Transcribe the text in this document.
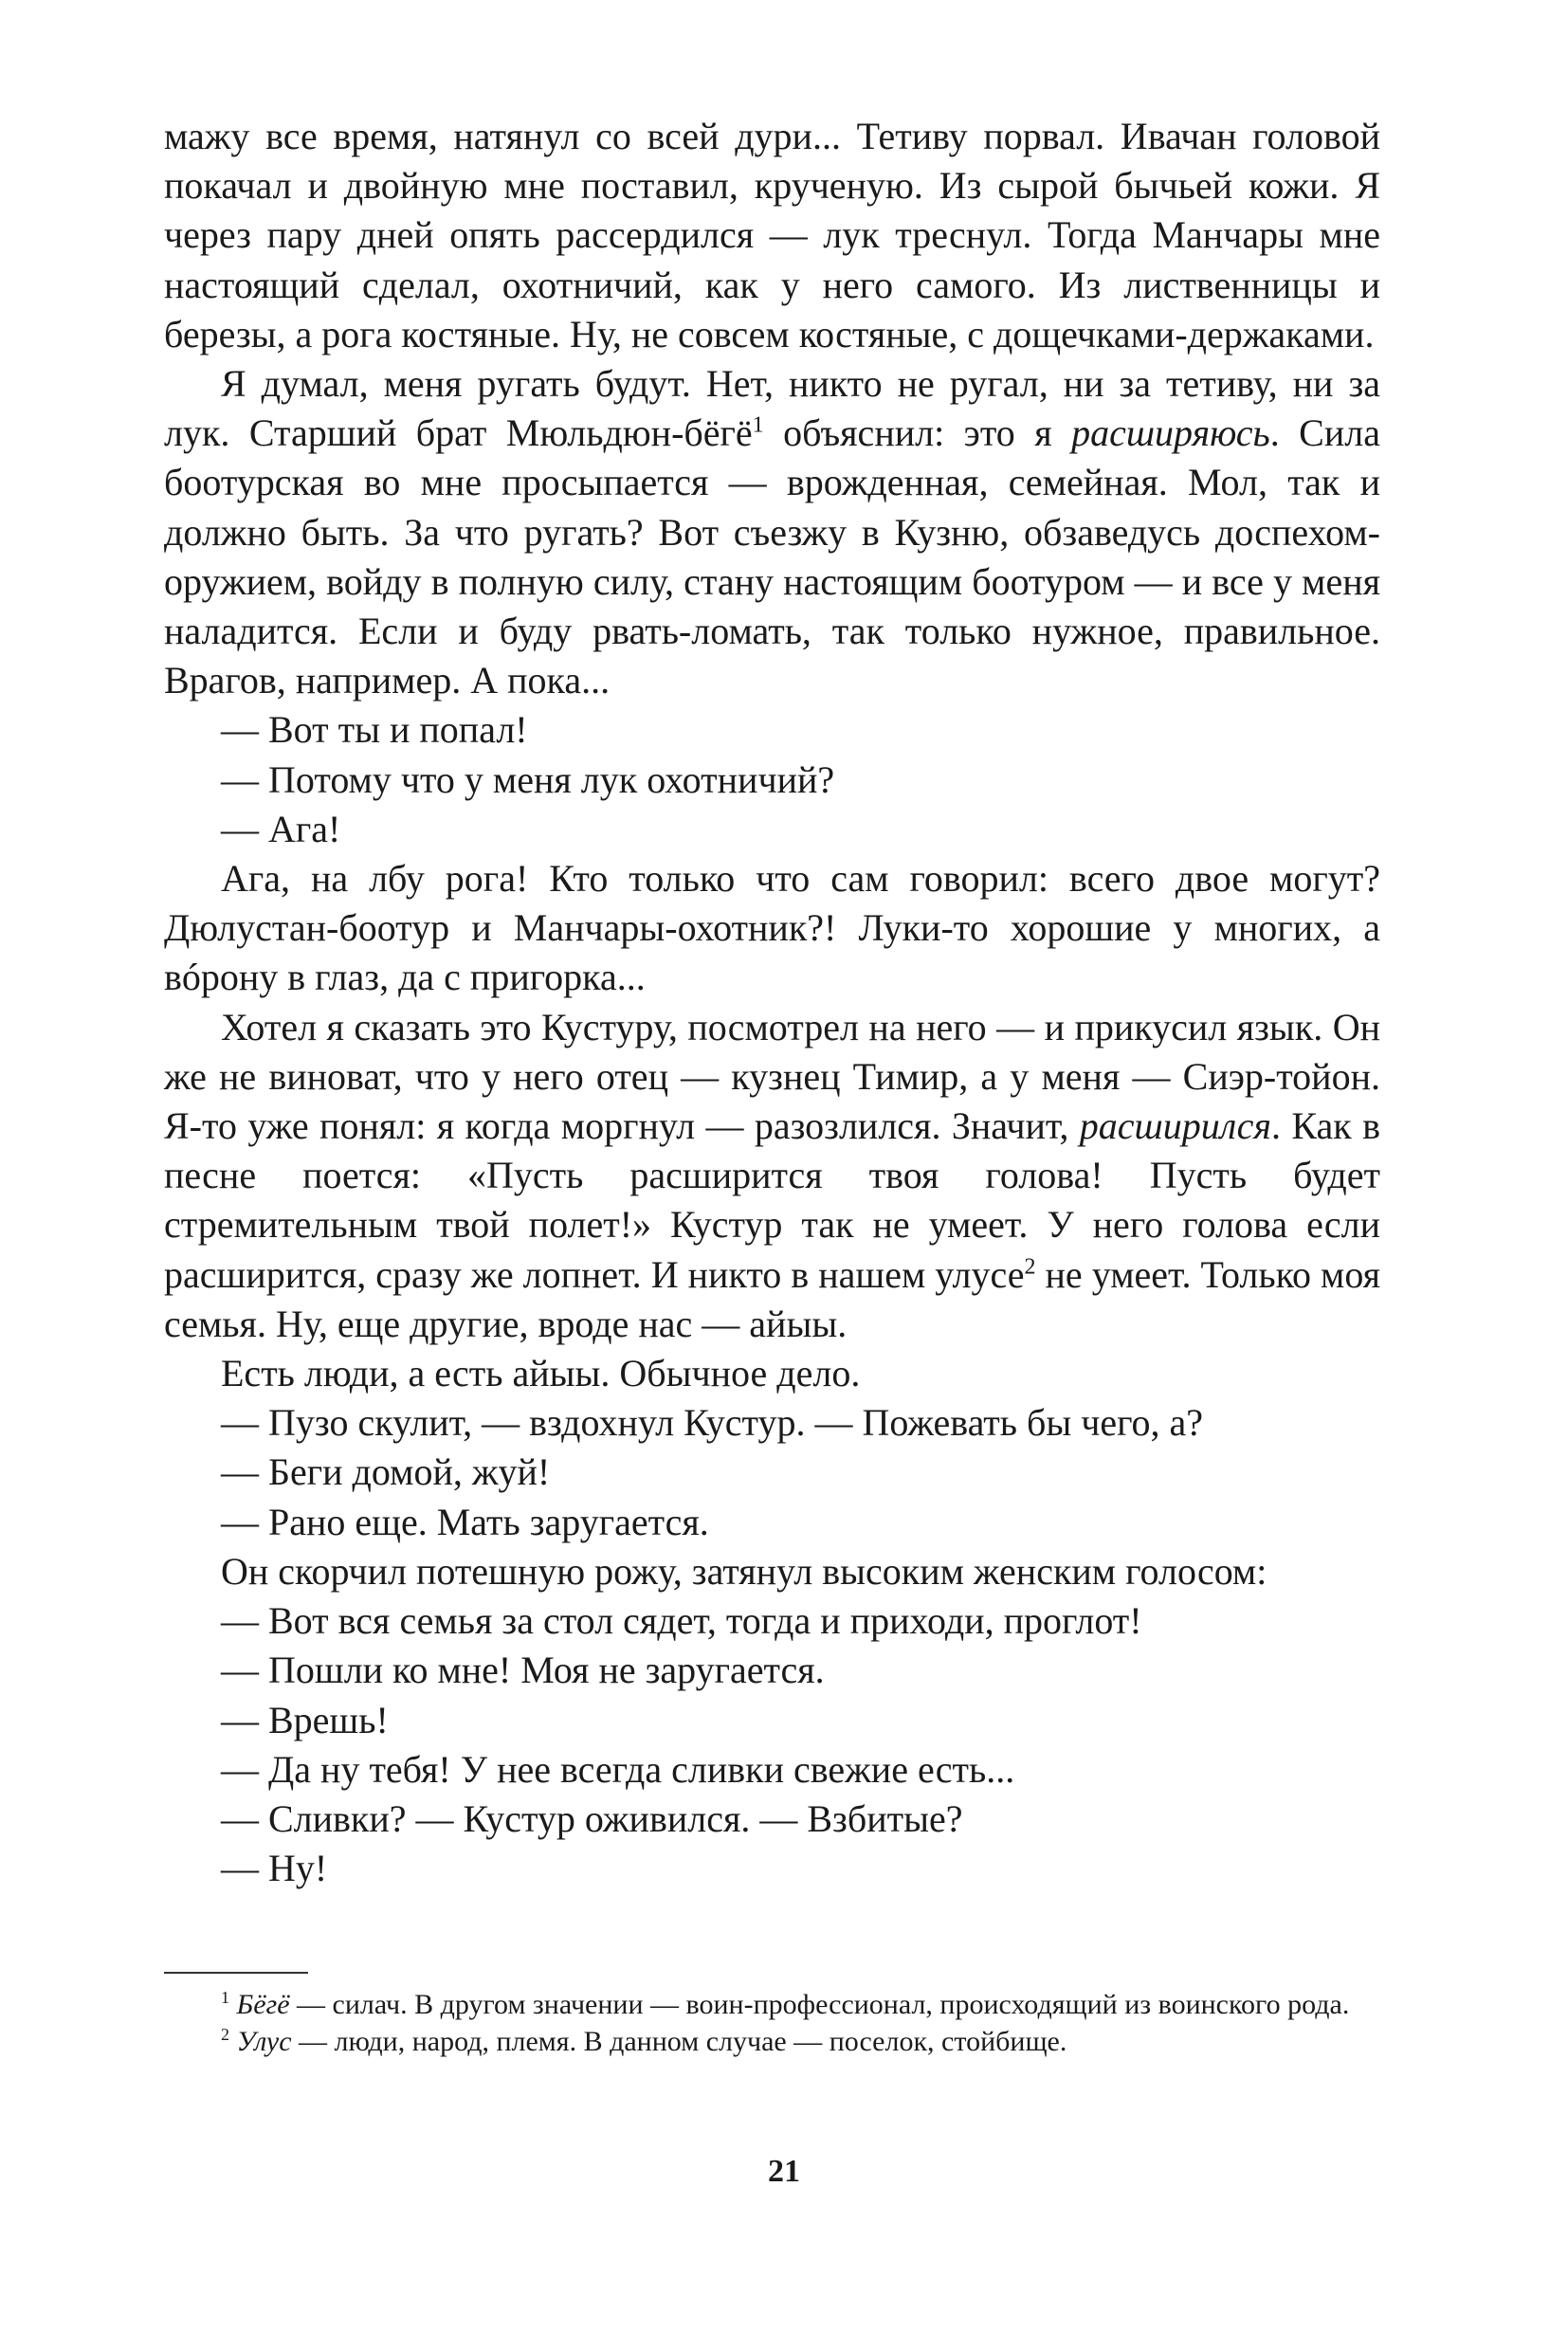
мажу все время, натянул со всей дури... Тетиву порвал. Ивачан головой покачал и двойную мне поставил, крученую. Из сырой бычьей кожи. Я через пару дней опять рассердился — лук треснул. Тогда Манчары мне настоящий сделал, охотничий, как у него самого. Из лиственницы и березы, а рога костяные. Ну, не совсем костяные, с дощечками-держаками.

Я думал, меня ругать будут. Нет, никто не ругал, ни за тетиву, ни за лук. Старший брат Мюльдюн-бёгё$^1$ объяснил: это я расширяюсь. Сила боотурская во мне просыпается — врожденная, семейная. Мол, так и должно быть. За что ругать? Вот съезжу в Кузню, обзаведусь доспехом-оружием, войду в полную силу, стану настоящим боотуром — и все у меня наладится. Если и буду рвать-ломать, так только нужное, правильное. Врагов, например. А пока...

— Вот ты и попал!

— Потому что у меня лук охотничий?

— Ага!

Ага, на лбу рога! Кто только что сам говорил: всего двое могут? Дюлустан-боотур и Манчары-охотник?! Луки-то хорошие у многих, а вóрону в глаз, да с пригорка...

Хотел я сказать это Кустуру, посмотрел на него — и прикусил язык. Он же не виноват, что у него отец — кузнец Тимир, а у меня — Сиэр-тойон. Я-то уже понял: я когда моргнул — разозлился. Значит, расширился. Как в песне поется: «Пусть расширится твоя голова! Пусть будет стремительным твой полет!» Кустур так не умеет. У него голова если расширится, сразу же лопнет. И никто в нашем улусе$^2$ не умеет. Только моя семья. Ну, еще другие, вроде нас — айыы.

Есть люди, а есть айыы. Обычное дело.

— Пузо скулит, — вздохнул Кустур. — Пожевать бы чего, а?

— Беги домой, жуй!

— Рано еще. Мать заругается.

Он скорчил потешную рожу, затянул высоким женским голосом:

— Вот вся семья за стол сядет, тогда и приходи, проглот!

— Пошли ко мне! Моя не заругается.

— Врешь!

— Да ну тебя! У нее всегда сливки свежие есть...

— Сливки? — Кустур оживился. — Взбитые?

— Ну!

$^1$ Бёгё — силач. В другом значении — воин-профессионал, происходящий из воинского рода.

$^2$ Улус — люди, народ, племя. В данном случае — поселок, стойбище.

21
